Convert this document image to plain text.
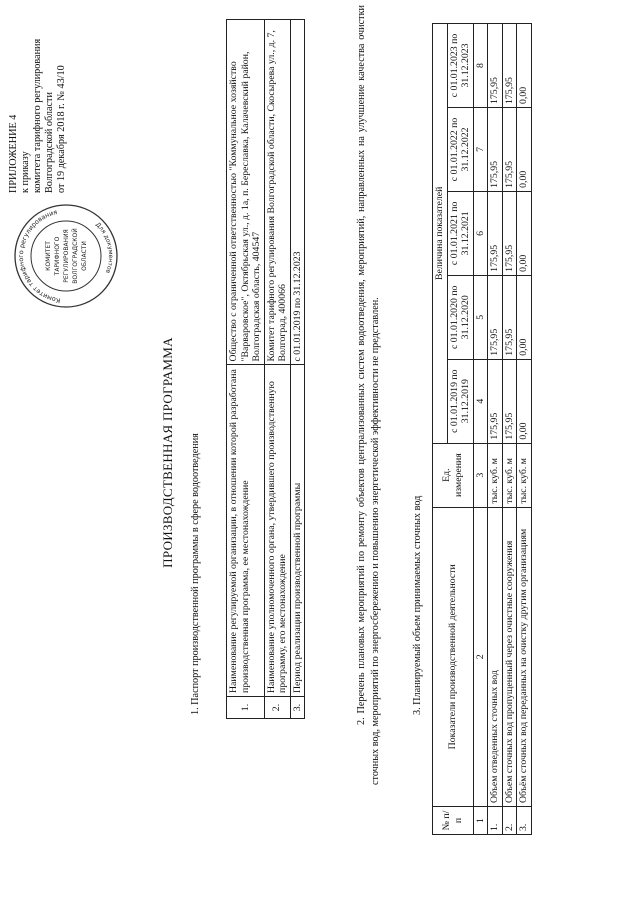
ПРИЛОЖЕНИЕ 4 к приказу комитета тарифного регулирования Волгоградской области от 19 декабря 2018 г. № 43/10
Комитет тарифного регулирования
Для документов
КОМИТЕТ ТАРИФНОГО РЕГУЛИРОВАНИЯ ВОЛГОГРАДСКОЙ ОБЛАСТИ
ПРОИЗВОДСТВЕННАЯ ПРОГРАММА 1. Паспорт производственной программы в сфере водоотведения	1.	Наименование регулируемой организации, в отношении которой разработана производственная программа, ее местонахождение	Общество с ограниченной ответственностью "Коммунальное хозяйство "Варваровское", Октябрьская ул., д. 1а, п. Береславка, Калачевский район, Волгоградская область, 404547
2.	Наименование уполномоченного органа, утвердившего производственную программу, его местонахождение	Комитет тарифного регулирования Волгоградской области, Скосырева ул., д. 7, Волгоград, 400066
3.	Период реализации производственной программы	с 01.01.2019 по 31.12.2023	2. Перечень плановых мероприятий по ремонту объектов централизованных систем водоотведения, мероприятий, направленных на улучшение качества очистки сточных вод, мероприятий по энергосбережению и повышению энергетической эффективности не представлен.	3. Планируемый объем принимаемых сточных вод
№ п/п	Показатели производственной деятельности	Ед. измерения	Величина показателей				
			с 01.01.2019 по 31.12.2019	с 01.01.2020 по 31.12.2020	с 01.01.2021 по 31.12.2021	с 01.01.2022 по 31.12.2022	с 01.01.2023 по 31.12.2023
1	2	3	4	5	6	7	8
1.	Объем отведенных сточных вод	тыс. куб. м	175,95	175,95	175,95	175,95	175,95
2.	Объем сточных вод пропущенный через очистные сооружения	тыс. куб. м	175,95	175,95	175,95	175,95	175,95
3.	Объём сточных вод переданных на очистку другим организациям	тыс. куб. м	0,00	0,00	0,00	0,00	0,00
